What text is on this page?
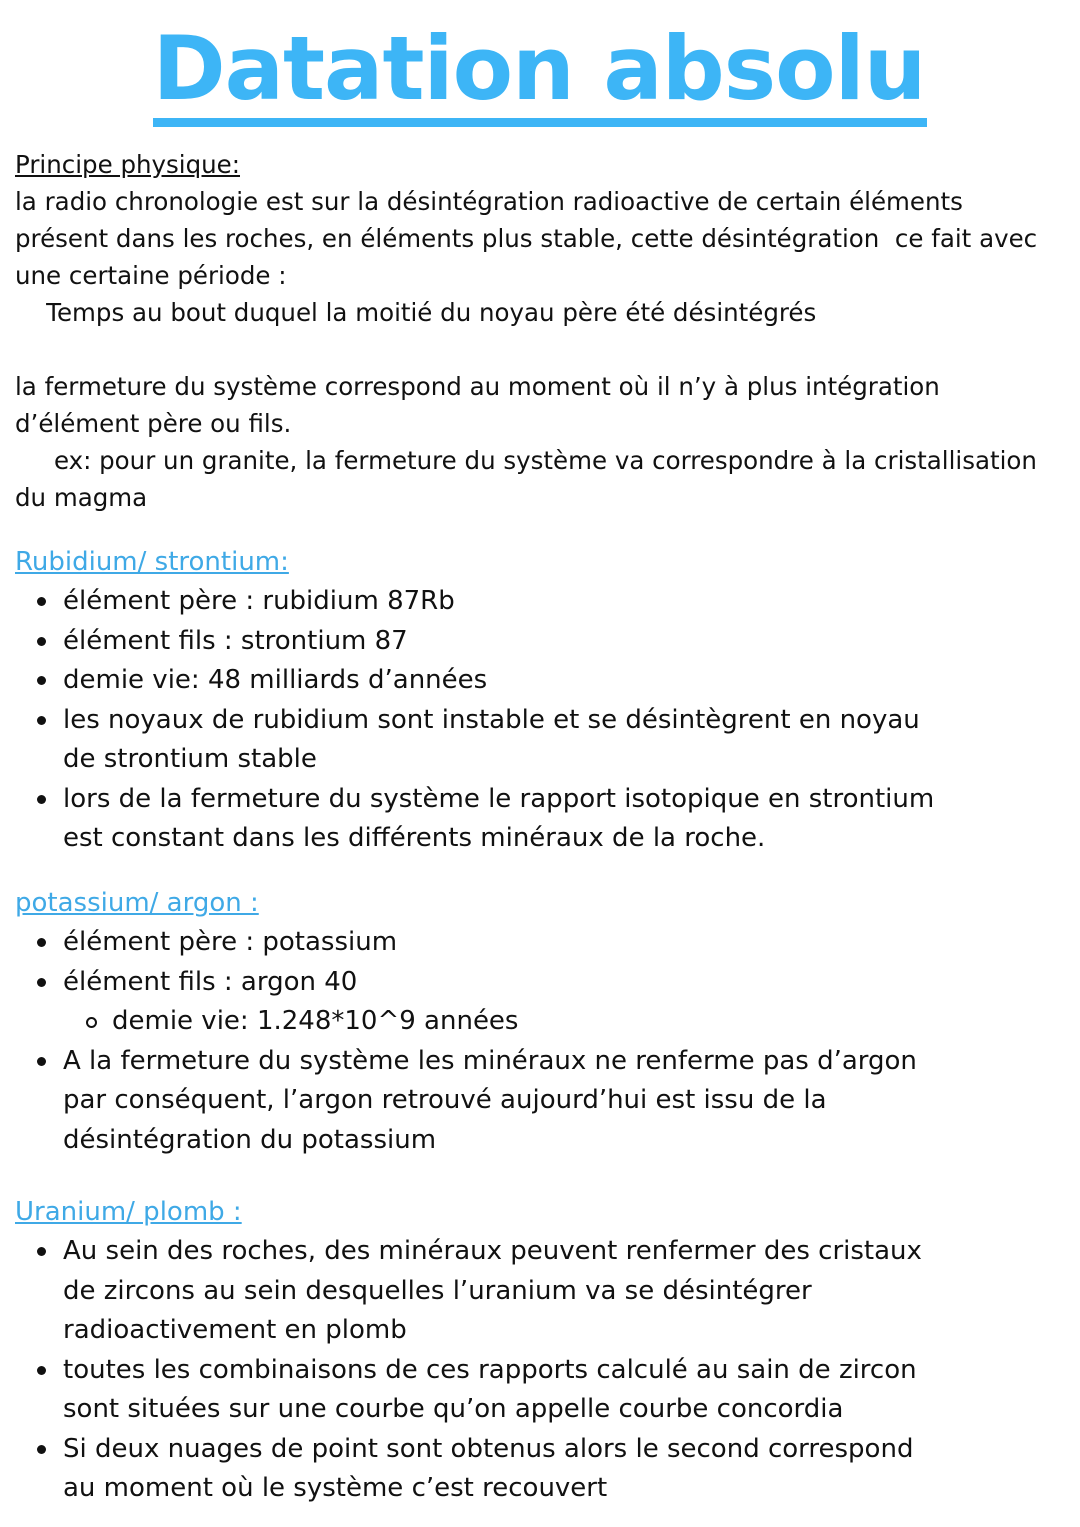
Datation absolu
Principe physique:
la radio chronologie est sur la désintégration radioactive de certain éléments
présent dans les roches, en éléments plus stable, cette désintégration  ce fait avec
une certaine période :
Temps au bout duquel la moitié du noyau père été désintégrés
la fermeture du système correspond au moment où il n’y à plus intégration
d’élément père ou fils.
ex: pour un granite, la fermeture du système va correspondre à la cristallisation
du magma
Rubidium/ strontium:
élément père : rubidium 87Rb
élément fils : strontium 87
demie vie: 48 milliards d’années
les noyaux de rubidium sont instable et se désintègrent en noyau
de strontium stable
lors de la fermeture du système le rapport isotopique en strontium
est constant dans les différents minéraux de la roche.
potassium/ argon :
élément père : potassium
élément fils : argon 40
demie vie: 1.248*10^9 années
A la fermeture du système les minéraux ne renferme pas d’argon
par conséquent, l’argon retrouvé aujourd’hui est issu de la
désintégration du potassium
Uranium/ plomb :
Au sein des roches, des minéraux peuvent renfermer des cristaux
de zircons au sein desquelles l’uranium va se désintégrer
radioactivement en plomb
toutes les combinaisons de ces rapports calculé au sain de zircon
sont situées sur une courbe qu’on appelle courbe concordia
Si deux nuages de point sont obtenus alors le second correspond
au moment où le système c’est recouvert
